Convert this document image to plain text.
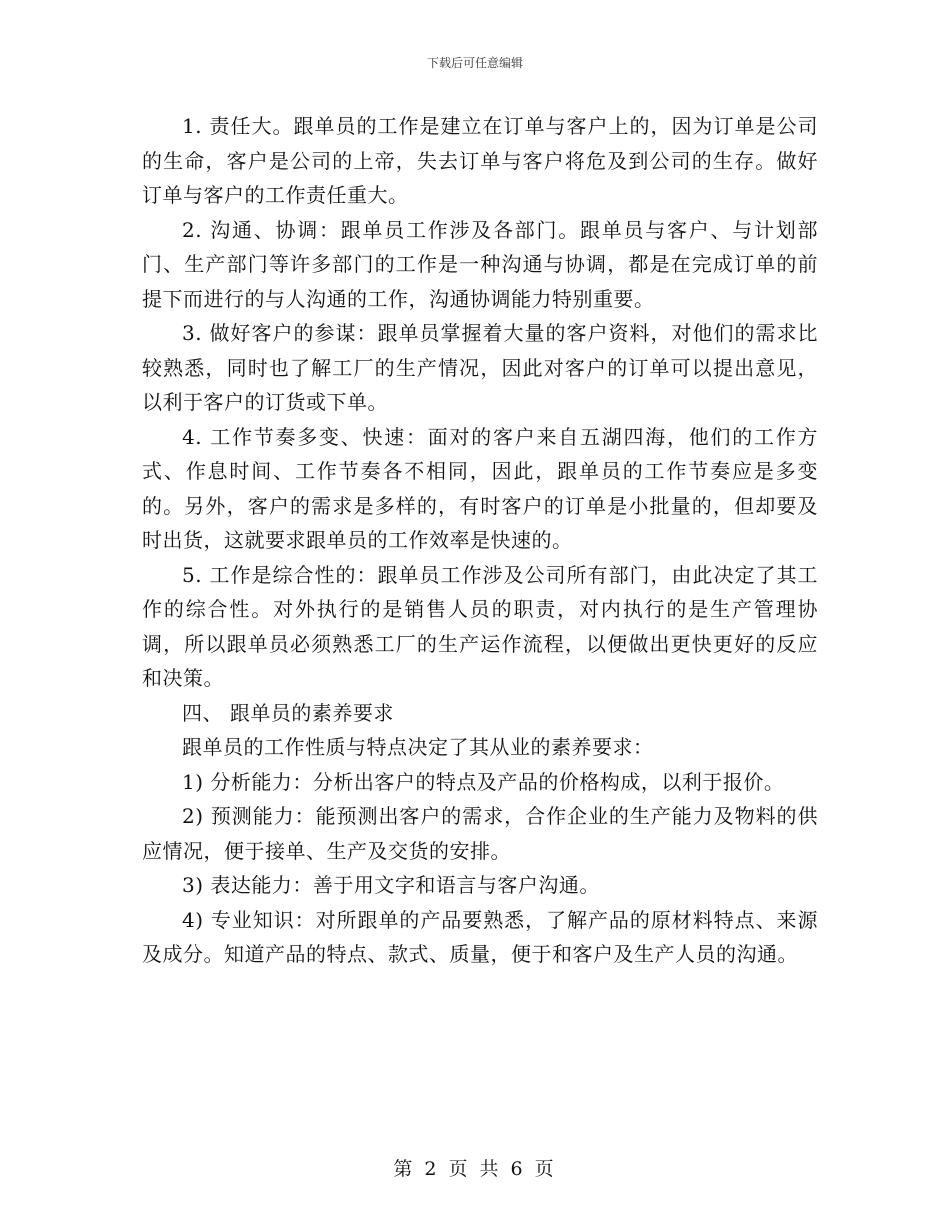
下载后可任意编辑

1. 责任大。跟单员的工作是建立在订单与客户上的，因为订单是公司的生命，客户是公司的上帝，失去订单与客户将危及到公司的生存。做好订单与客户的工作责任重大。

2. 沟通、协调：跟单员工作涉及各部门。跟单员与客户、与计划部门、生产部门等许多部门的工作是一种沟通与协调，都是在完成订单的前提下而进行的与人沟通的工作，沟通协调能力特别重要。

3. 做好客户的参谋：跟单员掌握着大量的客户资料，对他们的需求比较熟悉，同时也了解工厂的生产情况，因此对客户的订单可以提出意见，以利于客户的订货或下单。

4. 工作节奏多变、快速：面对的客户来自五湖四海，他们的工作方式、作息时间、工作节奏各不相同，因此，跟单员的工作节奏应是多变的。另外，客户的需求是多样的，有时客户的订单是小批量的，但却要及时出货，这就要求跟单员的工作效率是快速的。

5. 工作是综合性的：跟单员工作涉及公司所有部门，由此决定了其工作的综合性。对外执行的是销售人员的职责，对内执行的是生产管理协调，所以跟单员必须熟悉工厂的生产运作流程，以便做出更快更好的反应和决策。

四、 跟单员的素养要求

跟单员的工作性质与特点决定了其从业的素养要求：

1) 分析能力：分析出客户的特点及产品的价格构成，以利于报价。

2) 预测能力：能预测出客户的需求，合作企业的生产能力及物料的供应情况，便于接单、生产及交货的安排。

3) 表达能力：善于用文字和语言与客户沟通。

4) 专业知识：对所跟单的产品要熟悉，了解产品的原材料特点、来源及成分。知道产品的特点、款式、质量，便于和客户及生产人员的沟通。

第 2 页 共 6 页
